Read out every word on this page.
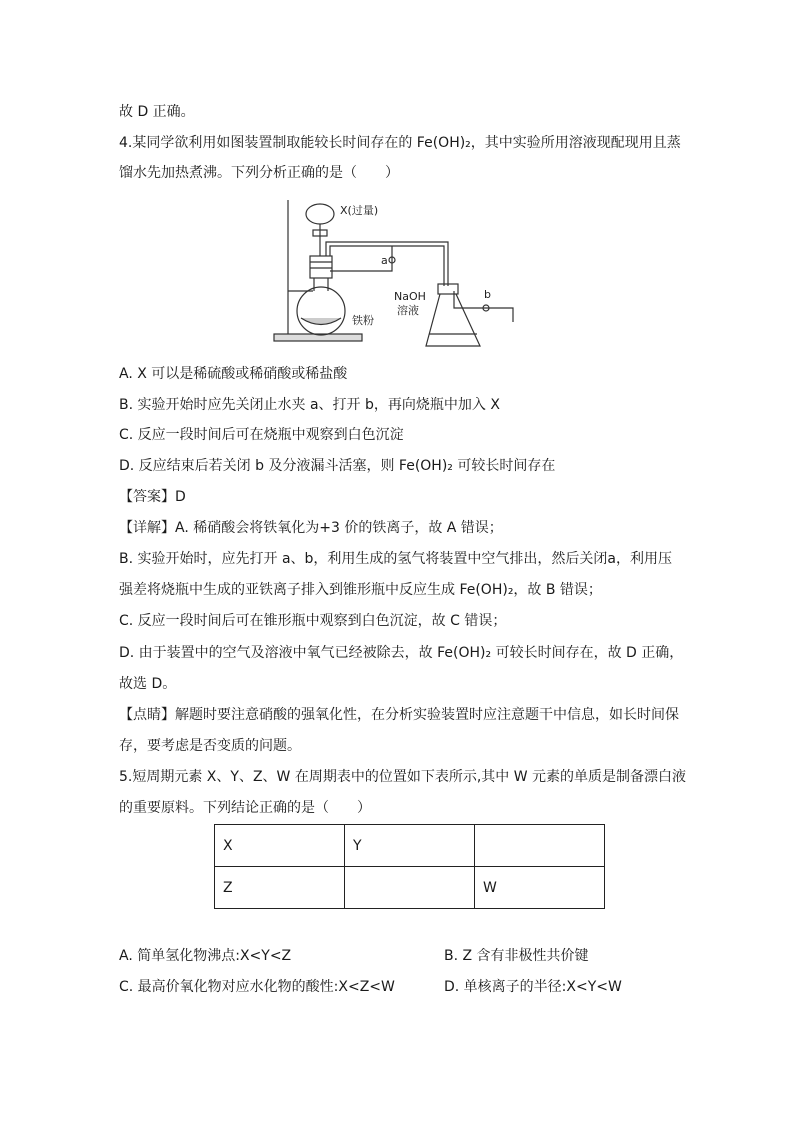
故 D 正确。
4.某同学欲利用如图装置制取能较长时间存在的 Fe(OH)₂，其中实验所用溶液现配现用且蒸
馏水先加热煮沸。下列分析正确的是（　　）
X(过量)
a
b
NaOH
溶液
铁粉
A. X 可以是稀硫酸或稀硝酸或稀盐酸
B. 实验开始时应先关闭止水夹 a、打开 b，再向烧瓶中加入 X
C. 反应一段时间后可在烧瓶中观察到白色沉淀
D. 反应结束后若关闭 b 及分液漏斗活塞，则 Fe(OH)₂ 可较长时间存在
【答案】D
【详解】A. 稀硝酸会将铁氧化为+3 价的铁离子，故 A 错误；
B. 实验开始时，应先打开 a、b，利用生成的氢气将装置中空气排出，然后关闭a，利用压
强差将烧瓶中生成的亚铁离子排入到锥形瓶中反应生成 Fe(OH)₂，故 B 错误；
C. 反应一段时间后可在锥形瓶中观察到白色沉淀，故 C 错误；
D. 由于装置中的空气及溶液中氧气已经被除去，故 Fe(OH)₂ 可较长时间存在，故 D 正确，
故选 D。
【点睛】解题时要注意硝酸的强氧化性，在分析实验装置时应注意题干中信息，如长时间保
存，要考虑是否变质的问题。
5.短周期元素 X、Y、Z、W 在周期表中的位置如下表所示,其中 W 元素的单质是制备漂白液
的重要原料。下列结论正确的是（　　）
X	Y	
Z		W
A. 简单氢化物沸点:X<Y<Z	B. Z 含有非极性共价键
C. 最高价氧化物对应水化物的酸性:X<Z<W	D. 单核离子的半径:X<Y<W
